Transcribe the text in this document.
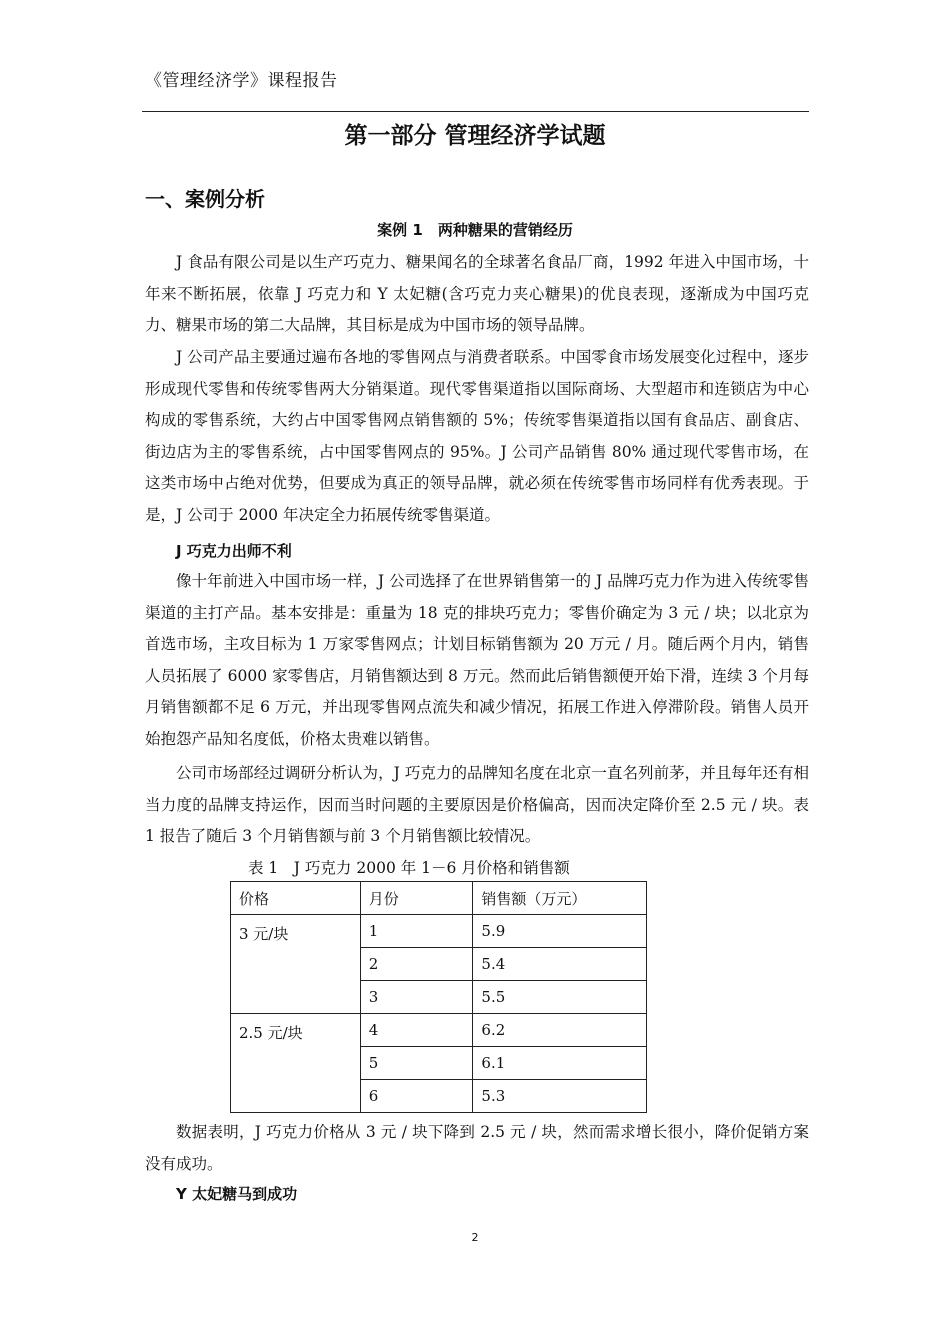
《管理经济学》课程报告
第一部分 管理经济学试题
一、案例分析
案例 1　两种糖果的营销经历

J 食品有限公司是以生产巧克力、糖果闻名的全球著名食品厂商，1992 年进入中国市场，十年来不断拓展，依靠 J 巧克力和 Y 太妃糖(含巧克力夹心糖果)的优良表现，逐渐成为中国巧克力、糖果市场的第二大品牌，其目标是成为中国市场的领导品牌。

J 公司产品主要通过遍布各地的零售网点与消费者联系。中国零食市场发展变化过程中，逐步形成现代零售和传统零售两大分销渠道。现代零售渠道指以国际商场、大型超市和连锁店为中心构成的零售系统，大约占中国零售网点销售额的 5%；传统零售渠道指以国有食品店、副食店、街边店为主的零售系统，占中国零售网点的 95%。J 公司产品销售 80% 通过现代零售市场，在这类市场中占绝对优势，但要成为真正的领导品牌，就必须在传统零售市场同样有优秀表现。于是，J 公司于 2000 年决定全力拓展传统零售渠道。

J 巧克力出师不利

像十年前进入中国市场一样，J 公司选择了在世界销售第一的 J 品牌巧克力作为进入传统零售渠道的主打产品。基本安排是：重量为 18 克的排块巧克力；零售价确定为 3 元 / 块；以北京为首选市场，主攻目标为 1 万家零售网点；计划目标销售额为 20 万元 / 月。随后两个月内，销售人员拓展了 6000 家零售店，月销售额达到 8 万元。然而此后销售额便开始下滑，连续 3 个月每月销售额都不足 6 万元，并出现零售网点流失和减少情况，拓展工作进入停滞阶段。销售人员开始抱怨产品知名度低，价格太贵难以销售。

公司市场部经过调研分析认为，J 巧克力的品牌知名度在北京一直名列前茅，并且每年还有相当力度的品牌支持运作，因而当时问题的主要原因是价格偏高，因而决定降价至 2.5 元 / 块。表 1 报告了随后 3 个月销售额与前 3 个月销售额比较情况。

表 1　J 巧克力 2000 年 1－6 月价格和销售额
价格	月份	销售额（万元）
3 元/块	1	5.9
	2	5.4
	3	5.5
2.5 元/块	4	6.2
	5	6.1
	6	5.3

数据表明，J 巧克力价格从 3 元 / 块下降到 2.5 元 / 块，然而需求增长很小，降价促销方案没有成功。

Y 太妃糖马到成功
2
